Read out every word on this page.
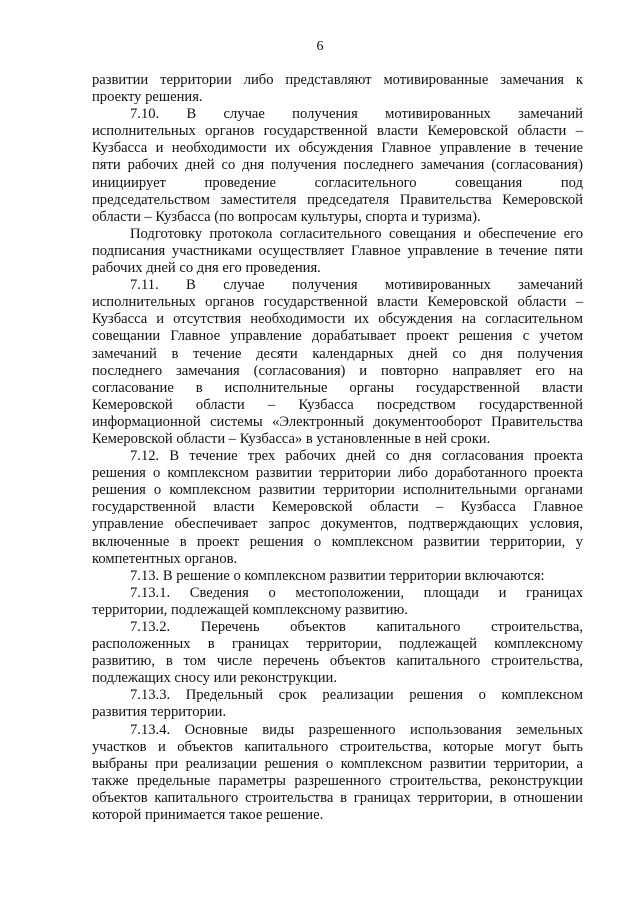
6
развитии территории либо представляют мотивированные замечания к
проекту решения.
7.10. В случае получения мотивированных замечаний
исполнительных органов государственной власти Кемеровской области –
Кузбасса и необходимости их обсуждения Главное управление в течение
пяти рабочих дней со дня получения последнего замечания (согласования)
инициирует проведение согласительного совещания под
председательством заместителя председателя Правительства Кемеровской
области – Кузбасса (по вопросам культуры, спорта и туризма).
Подготовку протокола согласительного совещания и обеспечение его
подписания участниками осуществляет Главное управление в течение пяти
рабочих дней со дня его проведения.
7.11. В случае получения мотивированных замечаний
исполнительных органов государственной власти Кемеровской области –
Кузбасса и отсутствия необходимости их обсуждения на согласительном
совещании Главное управление дорабатывает проект решения с учетом
замечаний в течение десяти календарных дней со дня получения
последнего замечания (согласования) и повторно направляет его на
согласование в исполнительные органы государственной власти
Кемеровской области – Кузбасса посредством государственной
информационной системы «Электронный документооборот Правительства
Кемеровской области – Кузбасса» в установленные в ней сроки.
7.12. В течение трех рабочих дней со дня согласования проекта
решения о комплексном развитии территории либо доработанного проекта
решения о комплексном развитии территории исполнительными органами
государственной власти Кемеровской области – Кузбасса Главное
управление обеспечивает запрос документов, подтверждающих условия,
включенные в проект решения о комплексном развитии территории, у
компетентных органов.
7.13. В решение о комплексном развитии территории включаются:
7.13.1. Сведения о местоположении, площади и границах
территории, подлежащей комплексному развитию.
7.13.2. Перечень объектов капитального строительства,
расположенных в границах территории, подлежащей комплексному
развитию, в том числе перечень объектов капитального строительства,
подлежащих сносу или реконструкции.
7.13.3. Предельный срок реализации решения о комплексном
развития территории.
7.13.4. Основные виды разрешенного использования земельных
участков и объектов капитального строительства, которые могут быть
выбраны при реализации решения о комплексном развитии территории, а
также предельные параметры разрешенного строительства, реконструкции
объектов капитального строительства в границах территории, в отношении
которой принимается такое решение.
